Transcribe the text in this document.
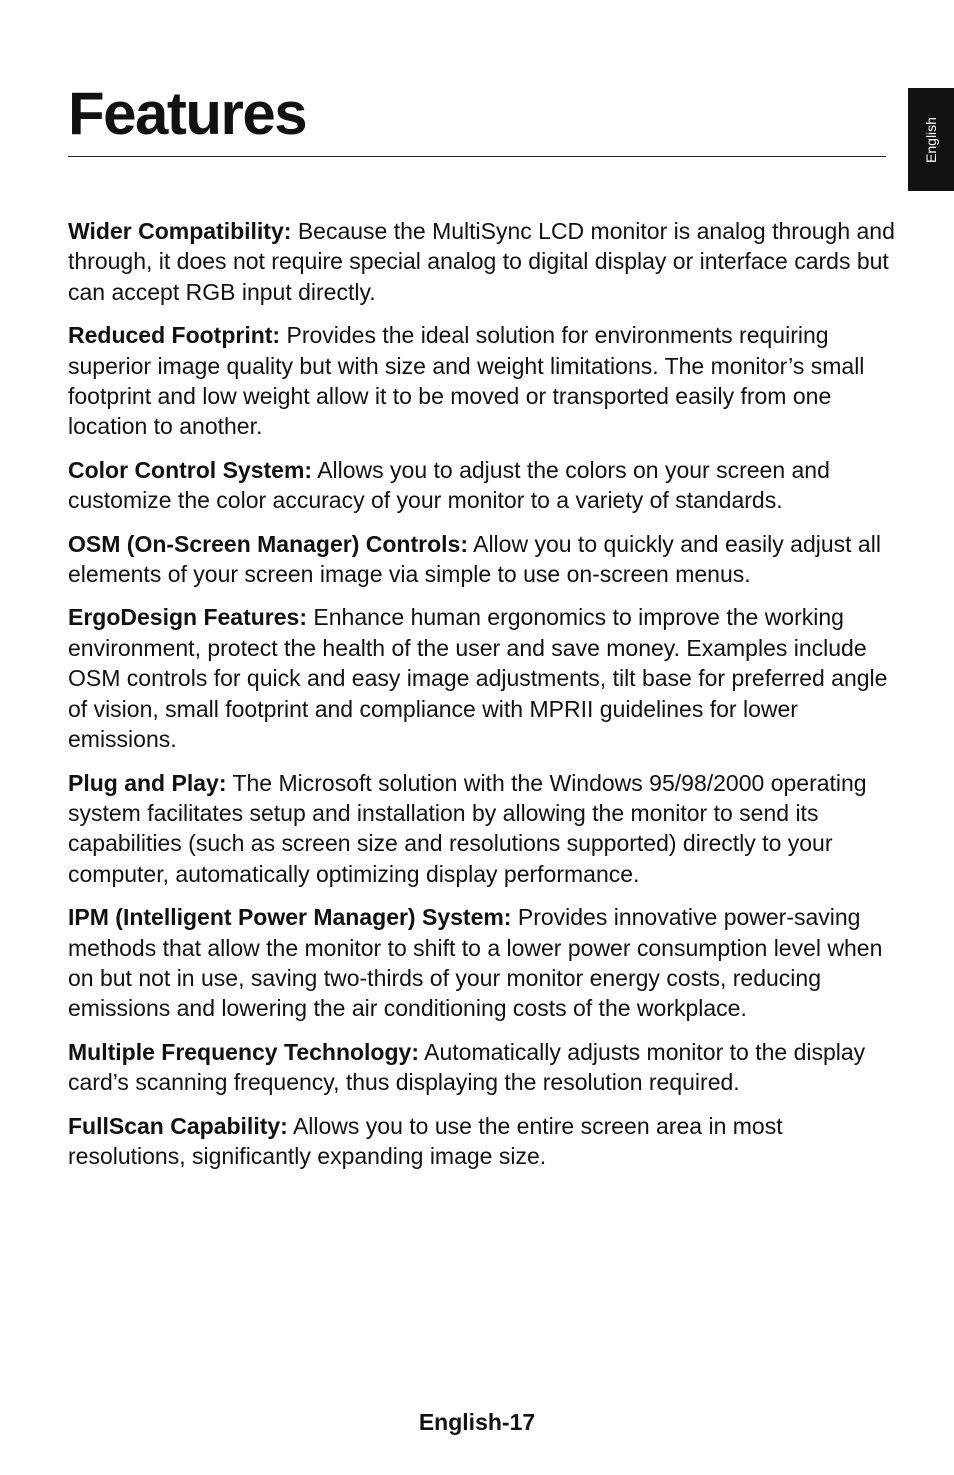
Features	English

Wider Compatibility: Because the MultiSync LCD monitor is analog through and through, it does not require special analog to digital display or interface cards but can accept RGB input directly.

Reduced Footprint: Provides the ideal solution for environments requiring superior image quality but with size and weight limitations. The monitor’s small footprint and low weight allow it to be moved or transported easily from one location to another.

Color Control System: Allows you to adjust the colors on your screen and customize the color accuracy of your monitor to a variety of standards.

OSM (On-Screen Manager) Controls: Allow you to quickly and easily adjust all elements of your screen image via simple to use on-screen menus.

ErgoDesign Features: Enhance human ergonomics to improve the working environment, protect the health of the user and save money. Examples include OSM controls for quick and easy image adjustments, tilt base for preferred angle of vision, small footprint and compliance with MPRII guidelines for lower emissions.

Plug and Play: The Microsoft solution with the Windows 95/98/2000 operating system facilitates setup and installation by allowing the monitor to send its capabilities (such as screen size and resolutions supported) directly to your computer, automatically optimizing display performance.

IPM (Intelligent Power Manager) System: Provides innovative power-saving methods that allow the monitor to shift to a lower power consumption level when on but not in use, saving two-thirds of your monitor energy costs, reducing emissions and lowering the air conditioning costs of the workplace.

Multiple Frequency Technology: Automatically adjusts monitor to the display card’s scanning frequency, thus displaying the resolution required.

FullScan Capability: Allows you to use the entire screen area in most resolutions, significantly expanding image size.

English-17
